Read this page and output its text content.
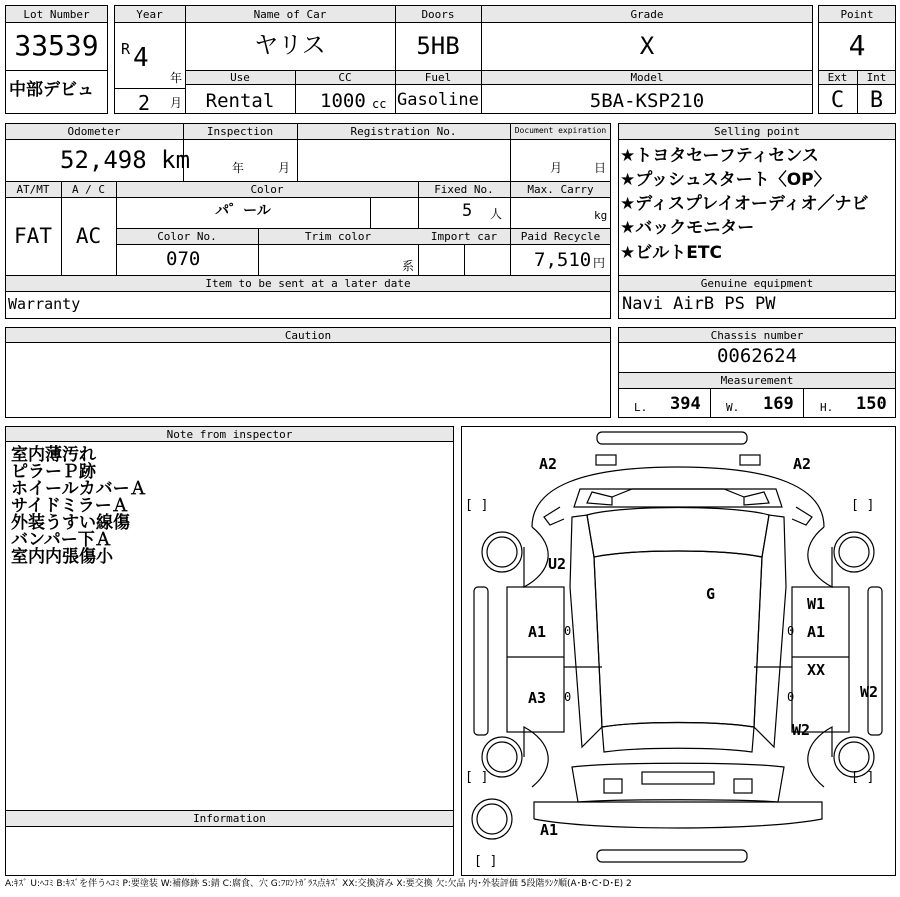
Lot Number
33539
中部デビュ
Year
R 4
年
2 月
Name of Car
ヤリス
Doors
5HB
Grade
X
Use
Rental
CC
1000 cc
Fuel
Gasoline
Model
5BA-KSP210
Point
4
Ext	Int
C	B
Odometer
52,498 km
Inspection
年	月
Registration No.	Document expiration
月	日
AT/MT	A / C
FAT	AC
Color
パ゜ール
Fixed No.
5 人
Max. Carry
kg
Color No.
070
Trim color
系
Import car	Paid Recycle
7,510 円
Item to be sent at a later date
Warranty
Selling point
★トヨタセーフティセンス
★プッシュスタート〈OP〉
★ディスプレイオーディオ／ナビ
★バックモニター
★ビルトETC
Genuine equipment
Navi AirB PS PW
Caution	Chassis number
0062624
Measurement
L. 394 W. 169 H. 150
Note from inspector
室内薄汚れ
ピラーＰ跡
ホイールカバーＡ
サイドミラーＡ
外装うすい線傷
バンパー下Ａ
室内内張傷小
Information
A2	A2
[ ]	[ ]
U2
G
W1
A1 0	0 A1
XX
A3 0	0	W2
W2
[ ]	[ ]
A1
[ ]
A:ｷｽﾞ U:ﾍｺﾐ B:ｷｽﾞを伴うﾍｺﾐ P:要塗装 W:補修跡 S:錆 C:腐食、穴 G:ﾌﾛﾝﾄｶﾞﾗｽ点ｷｽﾞ XX:交換済み X:要交換 欠:欠品 内･外装評価 5段階ﾗﾝｸ順(A･B･C･D･E) 2
